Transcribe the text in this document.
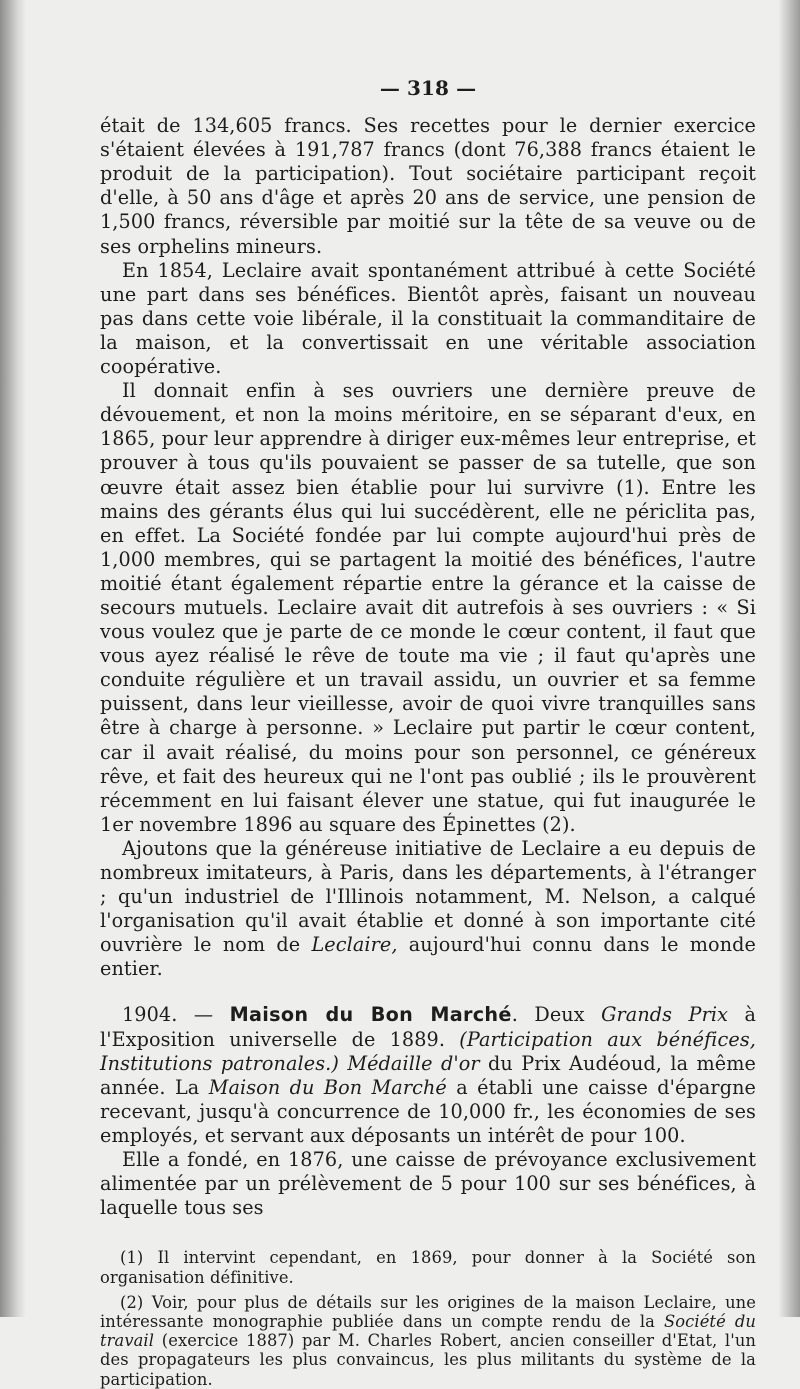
— 318 —

était de 134,605 francs. Ses recettes pour le dernier exercice s'étaient élevées à 191,787 francs (dont 76,388 francs étaient le produit de la participation). Tout sociétaire participant reçoit d'elle, à 50 ans d'âge et après 20 ans de service, une pension de 1,500 francs, réversible par moitié sur la tête de sa veuve ou de ses orphelins mineurs.

En 1854, Leclaire avait spontanément attribué à cette Société une part dans ses bénéfices. Bientôt après, faisant un nouveau pas dans cette voie libérale, il la constituait la commanditaire de la maison, et la convertissait en une véritable association coopérative.

Il donnait enfin à ses ouvriers une dernière preuve de dévouement, et non la moins méritoire, en se séparant d'eux, en 1865, pour leur apprendre à diriger eux-mêmes leur entreprise, et prouver à tous qu'ils pouvaient se passer de sa tutelle, que son œuvre était assez bien établie pour lui survivre (1). Entre les mains des gérants élus qui lui succédèrent, elle ne périclita pas, en effet. La Société fondée par lui compte aujourd'hui près de 1,000 membres, qui se partagent la moitié des bénéfices, l'autre moitié étant également répartie entre la gérance et la caisse de secours mutuels. Leclaire avait dit autrefois à ses ouvriers : « Si vous voulez que je parte de ce monde le cœur content, il faut que vous ayez réalisé le rêve de toute ma vie ; il faut qu'après une conduite régulière et un travail assidu, un ouvrier et sa femme puissent, dans leur vieillesse, avoir de quoi vivre tranquilles sans être à charge à personne. » Leclaire put partir le cœur content, car il avait réalisé, du moins pour son personnel, ce généreux rêve, et fait des heureux qui ne l'ont pas oublié ; ils le prouvèrent récemment en lui faisant élever une statue, qui fut inaugurée le 1er novembre 1896 au square des Épinettes (2).

Ajoutons que la généreuse initiative de Leclaire a eu depuis de nombreux imitateurs, à Paris, dans les départements, à l'étranger ; qu'un industriel de l'Illinois notamment, M. Nelson, a calqué l'organisation qu'il avait établie et donné à son importante cité ouvrière le nom de Leclaire, aujourd'hui connu dans le monde entier.

1904. — Maison du Bon Marché. Deux Grands Prix à l'Exposition universelle de 1889. (Participation aux bénéfices, Institutions patronales.) Médaille d'or du Prix Audéoud, la même année. La Maison du Bon Marché a établi une caisse d'épargne recevant, jusqu'à concurrence de 10,000 fr., les économies de ses employés, et servant aux déposants un intérêt de pour 100.

Elle a fondé, en 1876, une caisse de prévoyance exclusivement alimentée par un prélèvement de 5 pour 100 sur ses bénéfices, à laquelle tous ses

(1) Il intervint cependant, en 1869, pour donner à la Société son organisation définitive.

(2) Voir, pour plus de détails sur les origines de la maison Leclaire, une intéressante monographie publiée dans un compte rendu de la Société du travail (exercice 1887) par M. Charles Robert, ancien conseiller d'Etat, l'un des propagateurs les plus convaincus, les plus militants du système de la participation.
